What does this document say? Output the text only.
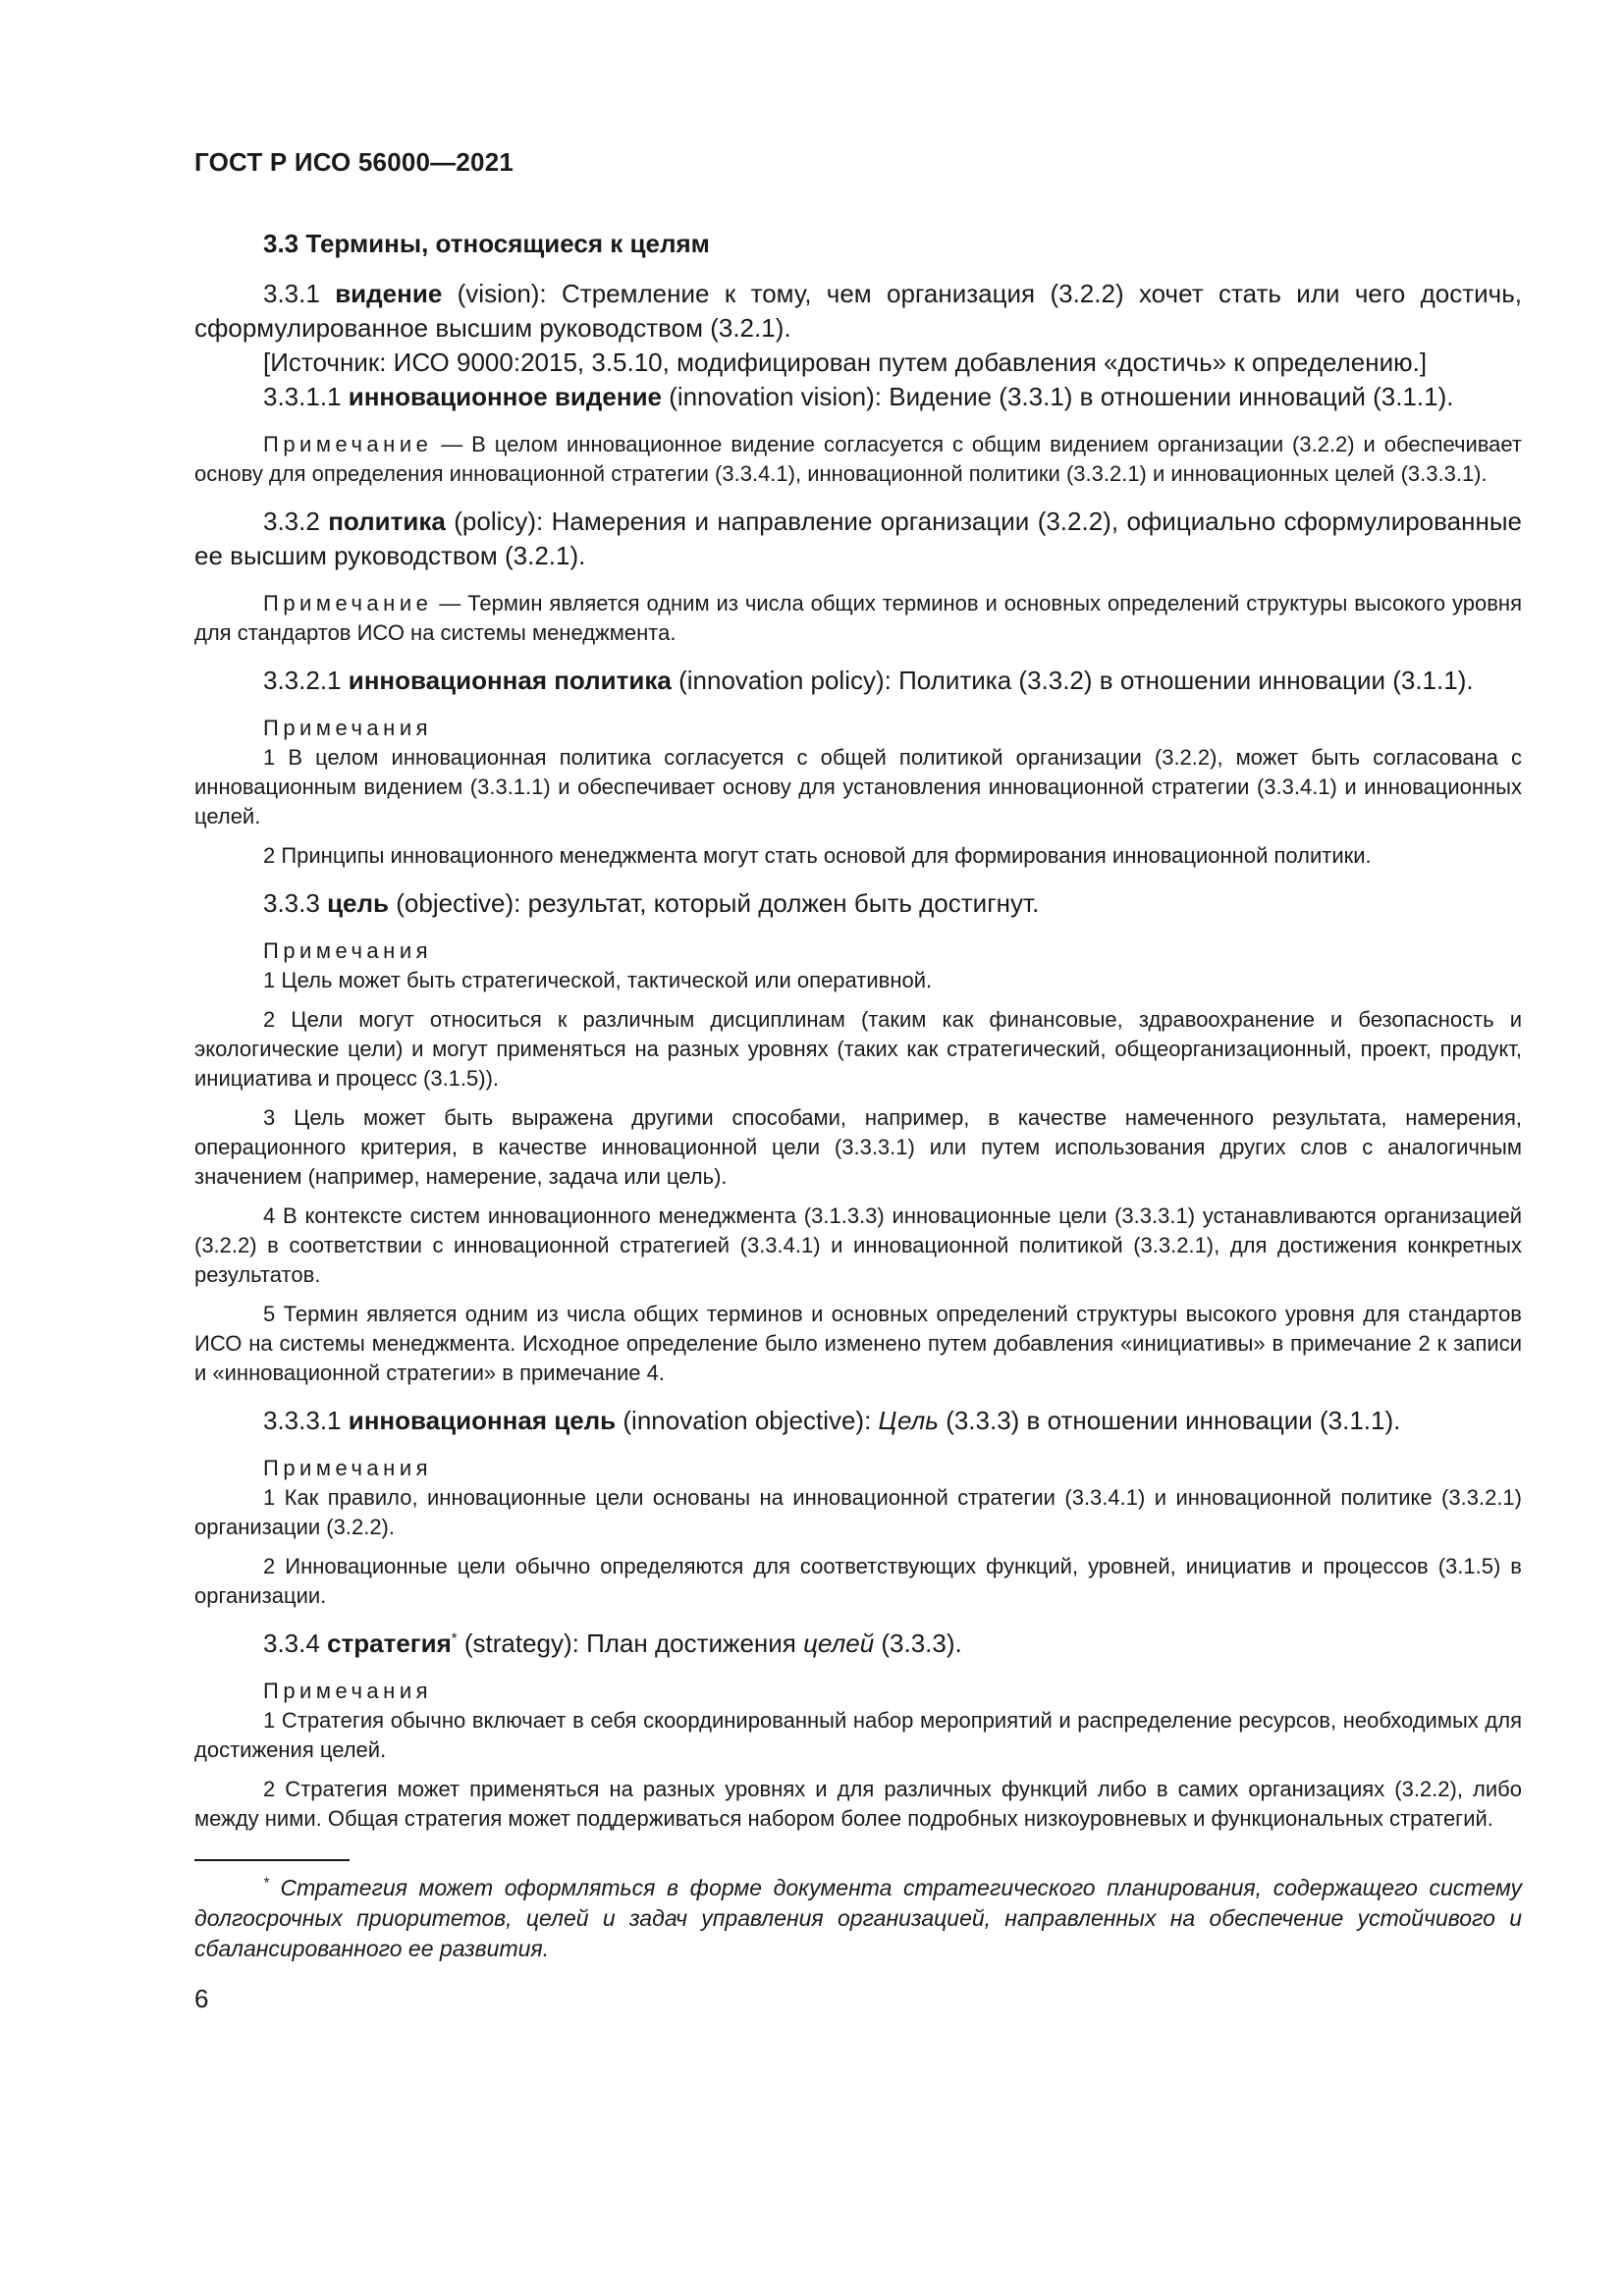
ГОСТ Р ИСО 56000—2021
3.3 Термины, относящиеся к целям

3.3.1 видение (vision): Стремление к тому, чем организация (3.2.2) хочет стать или чего достичь, сформулированное высшим руководством (3.2.1).

[Источник: ИСО 9000:2015, 3.5.10, модифицирован путем добавления «достичь» к определению.]

3.3.1.1 инновационное видение (innovation vision): Видение (3.3.1) в отношении инноваций (3.1.1).

Примечание — В целом инновационное видение согласуется с общим видением организации (3.2.2) и обеспечивает основу для определения инновационной стратегии (3.3.4.1), инновационной политики (3.3.2.1) и инновационных целей (3.3.3.1).

3.3.2 политика (policy): Намерения и направление организации (3.2.2), официально сформулированные ее высшим руководством (3.2.1).

Примечание — Термин является одним из числа общих терминов и основных определений структуры высокого уровня для стандартов ИСО на системы менеджмента.

3.3.2.1 инновационная политика (innovation policy): Политика (3.3.2) в отношении инновации (3.1.1).

Примечания

1 В целом инновационная политика согласуется с общей политикой организации (3.2.2), может быть согласована с инновационным видением (3.3.1.1) и обеспечивает основу для установления инновационной стратегии (3.3.4.1) и инновационных целей.

2 Принципы инновационного менеджмента могут стать основой для формирования инновационной политики.

3.3.3 цель (objective): результат, который должен быть достигнут.

Примечания

1 Цель может быть стратегической, тактической или оперативной.

2 Цели могут относиться к различным дисциплинам (таким как финансовые, здравоохранение и безопасность и экологические цели) и могут применяться на разных уровнях (таких как стратегический, общеорганизационный, проект, продукт, инициатива и процесс (3.1.5)).

3 Цель может быть выражена другими способами, например, в качестве намеченного результата, намерения, операционного критерия, в качестве инновационной цели (3.3.3.1) или путем использования других слов с аналогичным значением (например, намерение, задача или цель).

4 В контексте систем инновационного менеджмента (3.1.3.3) инновационные цели (3.3.3.1) устанавливаются организацией (3.2.2) в соответствии с инновационной стратегией (3.3.4.1) и инновационной политикой (3.3.2.1), для достижения конкретных результатов.

5 Термин является одним из числа общих терминов и основных определений структуры высокого уровня для стандартов ИСО на системы менеджмента. Исходное определение было изменено путем добавления «инициативы» в примечание 2 к записи и «инновационной стратегии» в примечание 4.

3.3.3.1 инновационная цель (innovation objective): Цель (3.3.3) в отношении инновации (3.1.1).

Примечания

1 Как правило, инновационные цели основаны на инновационной стратегии (3.3.4.1) и инновационной политике (3.3.2.1) организации (3.2.2).

2 Инновационные цели обычно определяются для соответствующих функций, уровней, инициатив и процессов (3.1.5) в организации.

3.3.4 стратегия* (strategy): План достижения целей (3.3.3).

Примечания

1 Стратегия обычно включает в себя скоординированный набор мероприятий и распределение ресурсов, необходимых для достижения целей.

2 Стратегия может применяться на разных уровнях и для различных функций либо в самих организациях (3.2.2), либо между ними. Общая стратегия может поддерживаться набором более подробных низкоуровневых и функциональных стратегий.

* Стратегия может оформляться в форме документа стратегического планирования, содержащего систему долгосрочных приоритетов, целей и задач управления организацией, направленных на обеспечение устойчивого и сбалансированного ее развития.

6
